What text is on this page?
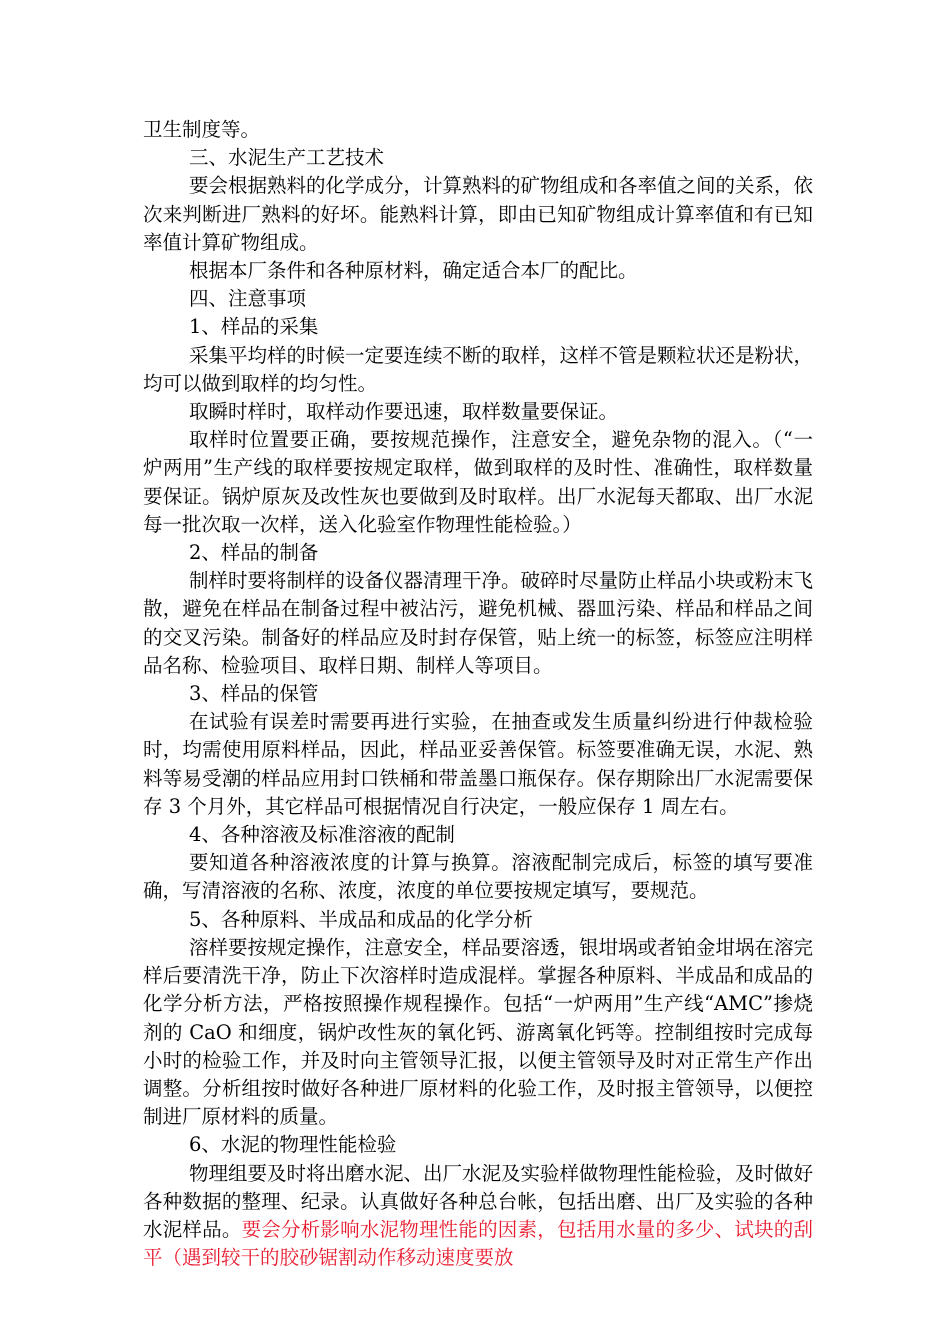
卫生制度等。

三、水泥生产工艺技术

要会根据熟料的化学成分，计算熟料的矿物组成和各率值之间的关系，依次来判断进厂熟料的好坏。能熟料计算，即由已知矿物组成计算率值和有已知率值计算矿物组成。

根据本厂条件和各种原材料，确定适合本厂的配比。

四、注意事项

1、样品的采集

采集平均样的时候一定要连续不断的取样，这样不管是颗粒状还是粉状，均可以做到取样的均匀性。

取瞬时样时，取样动作要迅速，取样数量要保证。

取样时位置要正确，要按规范操作，注意安全，避免杂物的混入。（“一炉两用”生产线的取样要按规定取样，做到取样的及时性、准确性，取样数量要保证。锅炉原灰及改性灰也要做到及时取样。出厂水泥每天都取、出厂水泥每一批次取一次样，送入化验室作物理性能检验。）

2、样品的制备

制样时要将制样的设备仪器清理干净。破碎时尽量防止样品小块或粉末飞散，避免在样品在制备过程中被沾污，避免机械、器皿污染、样品和样品之间的交叉污染。制备好的样品应及时封存保管，贴上统一的标签，标签应注明样品名称、检验项目、取样日期、制样人等项目。

3、样品的保管

在试验有误差时需要再进行实验，在抽查或发生质量纠纷进行仲裁检验时，均需使用原料样品，因此，样品亚妥善保管。标签要准确无误，水泥、熟料等易受潮的样品应用封口铁桶和带盖墨口瓶保存。保存期除出厂水泥需要保存 3 个月外，其它样品可根据情况自行决定，一般应保存 1 周左右。

4、各种溶液及标准溶液的配制

要知道各种溶液浓度的计算与换算。溶液配制完成后，标签的填写要准确，写清溶液的名称、浓度，浓度的单位要按规定填写，要规范。

5、各种原料、半成品和成品的化学分析

溶样要按规定操作，注意安全，样品要溶透，银坩埚或者铂金坩埚在溶完样后要清洗干净，防止下次溶样时造成混样。掌握各种原料、半成品和成品的化学分析方法，严格按照操作规程操作。包括“一炉两用”生产线“AMC”掺烧剂的 CaO 和细度，锅炉改性灰的氧化钙、游离氧化钙等。控制组按时完成每小时的检验工作，并及时向主管领导汇报，以便主管领导及时对正常生产作出调整。分析组按时做好各种进厂原材料的化验工作，及时报主管领导，以便控制进厂原材料的质量。

6、水泥的物理性能检验

物理组要及时将出磨水泥、出厂水泥及实验样做物理性能检验，及时做好各种数据的整理、纪录。认真做好各种总台帐，包括出磨、出厂及实验的各种水泥样品。要会分析影响水泥物理性能的因素，包括用水量的多少、试块的刮平（遇到较干的胶砂锯割动作移动速度要放
